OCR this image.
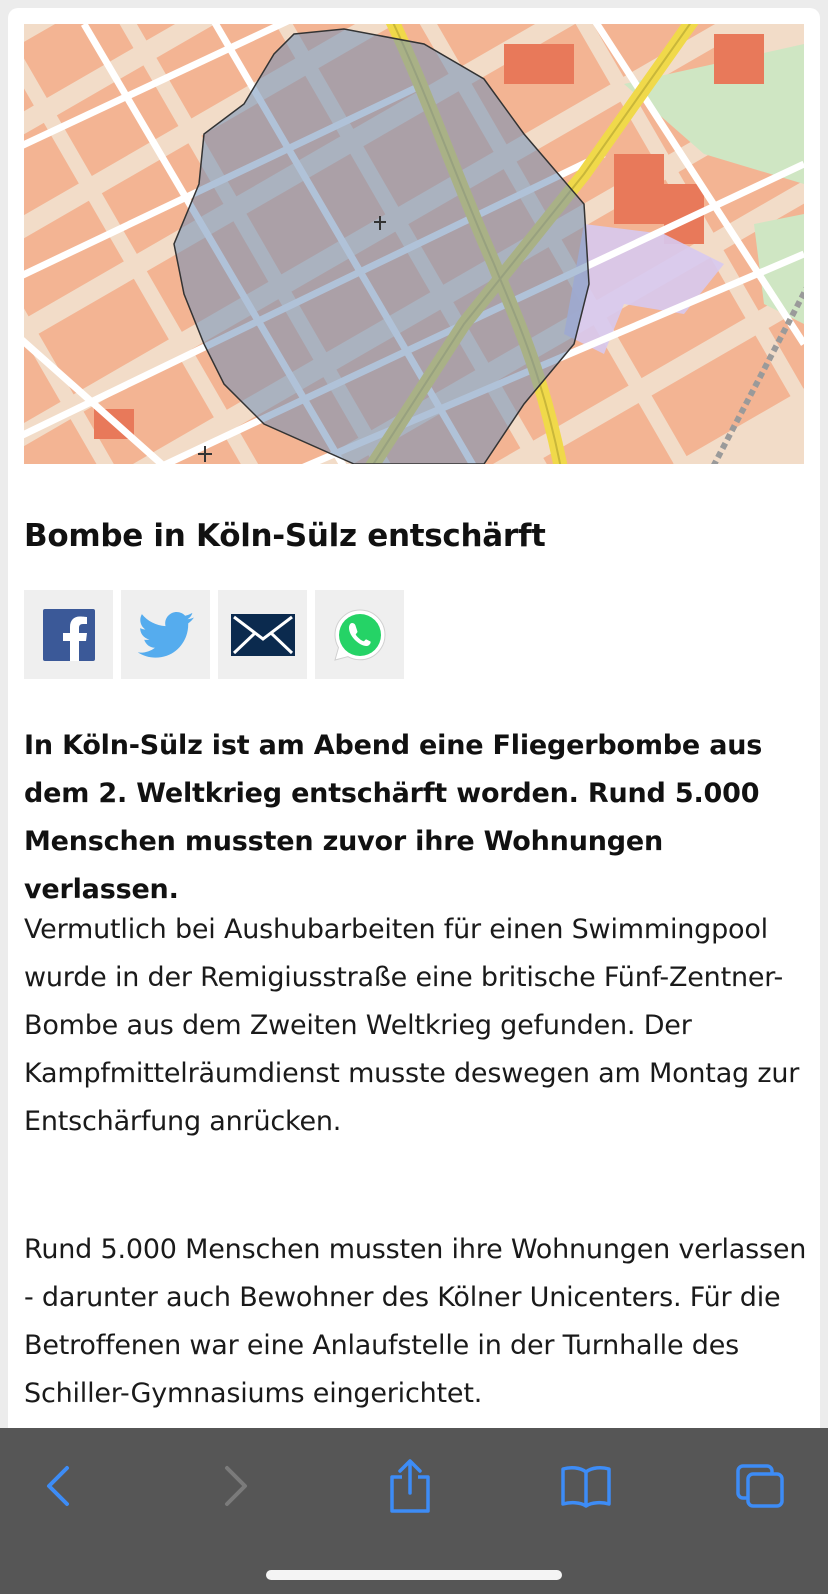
Bombe in Köln-Sülz entschärft

In Köln-Sülz ist am Abend eine Fliegerbombe aus dem 2. Weltkrieg entschärft worden. Rund 5.000 Menschen mussten zuvor ihre Wohnungen verlassen.

Vermutlich bei Aushubarbeiten für einen Swimmingpool wurde in der Remigiusstraße eine britische Fünf-Zentner-Bombe aus dem Zweiten Weltkrieg gefunden. Der Kampfmittelräumdienst musste deswegen am Montag zur Entschärfung anrücken.

Rund 5.000 Menschen mussten ihre Wohnungen verlassen - darunter auch Bewohner des Kölner Unicenters. Für die Betroffenen war eine Anlaufstelle in der Turnhalle des Schiller-Gymnasiums eingerichtet.
